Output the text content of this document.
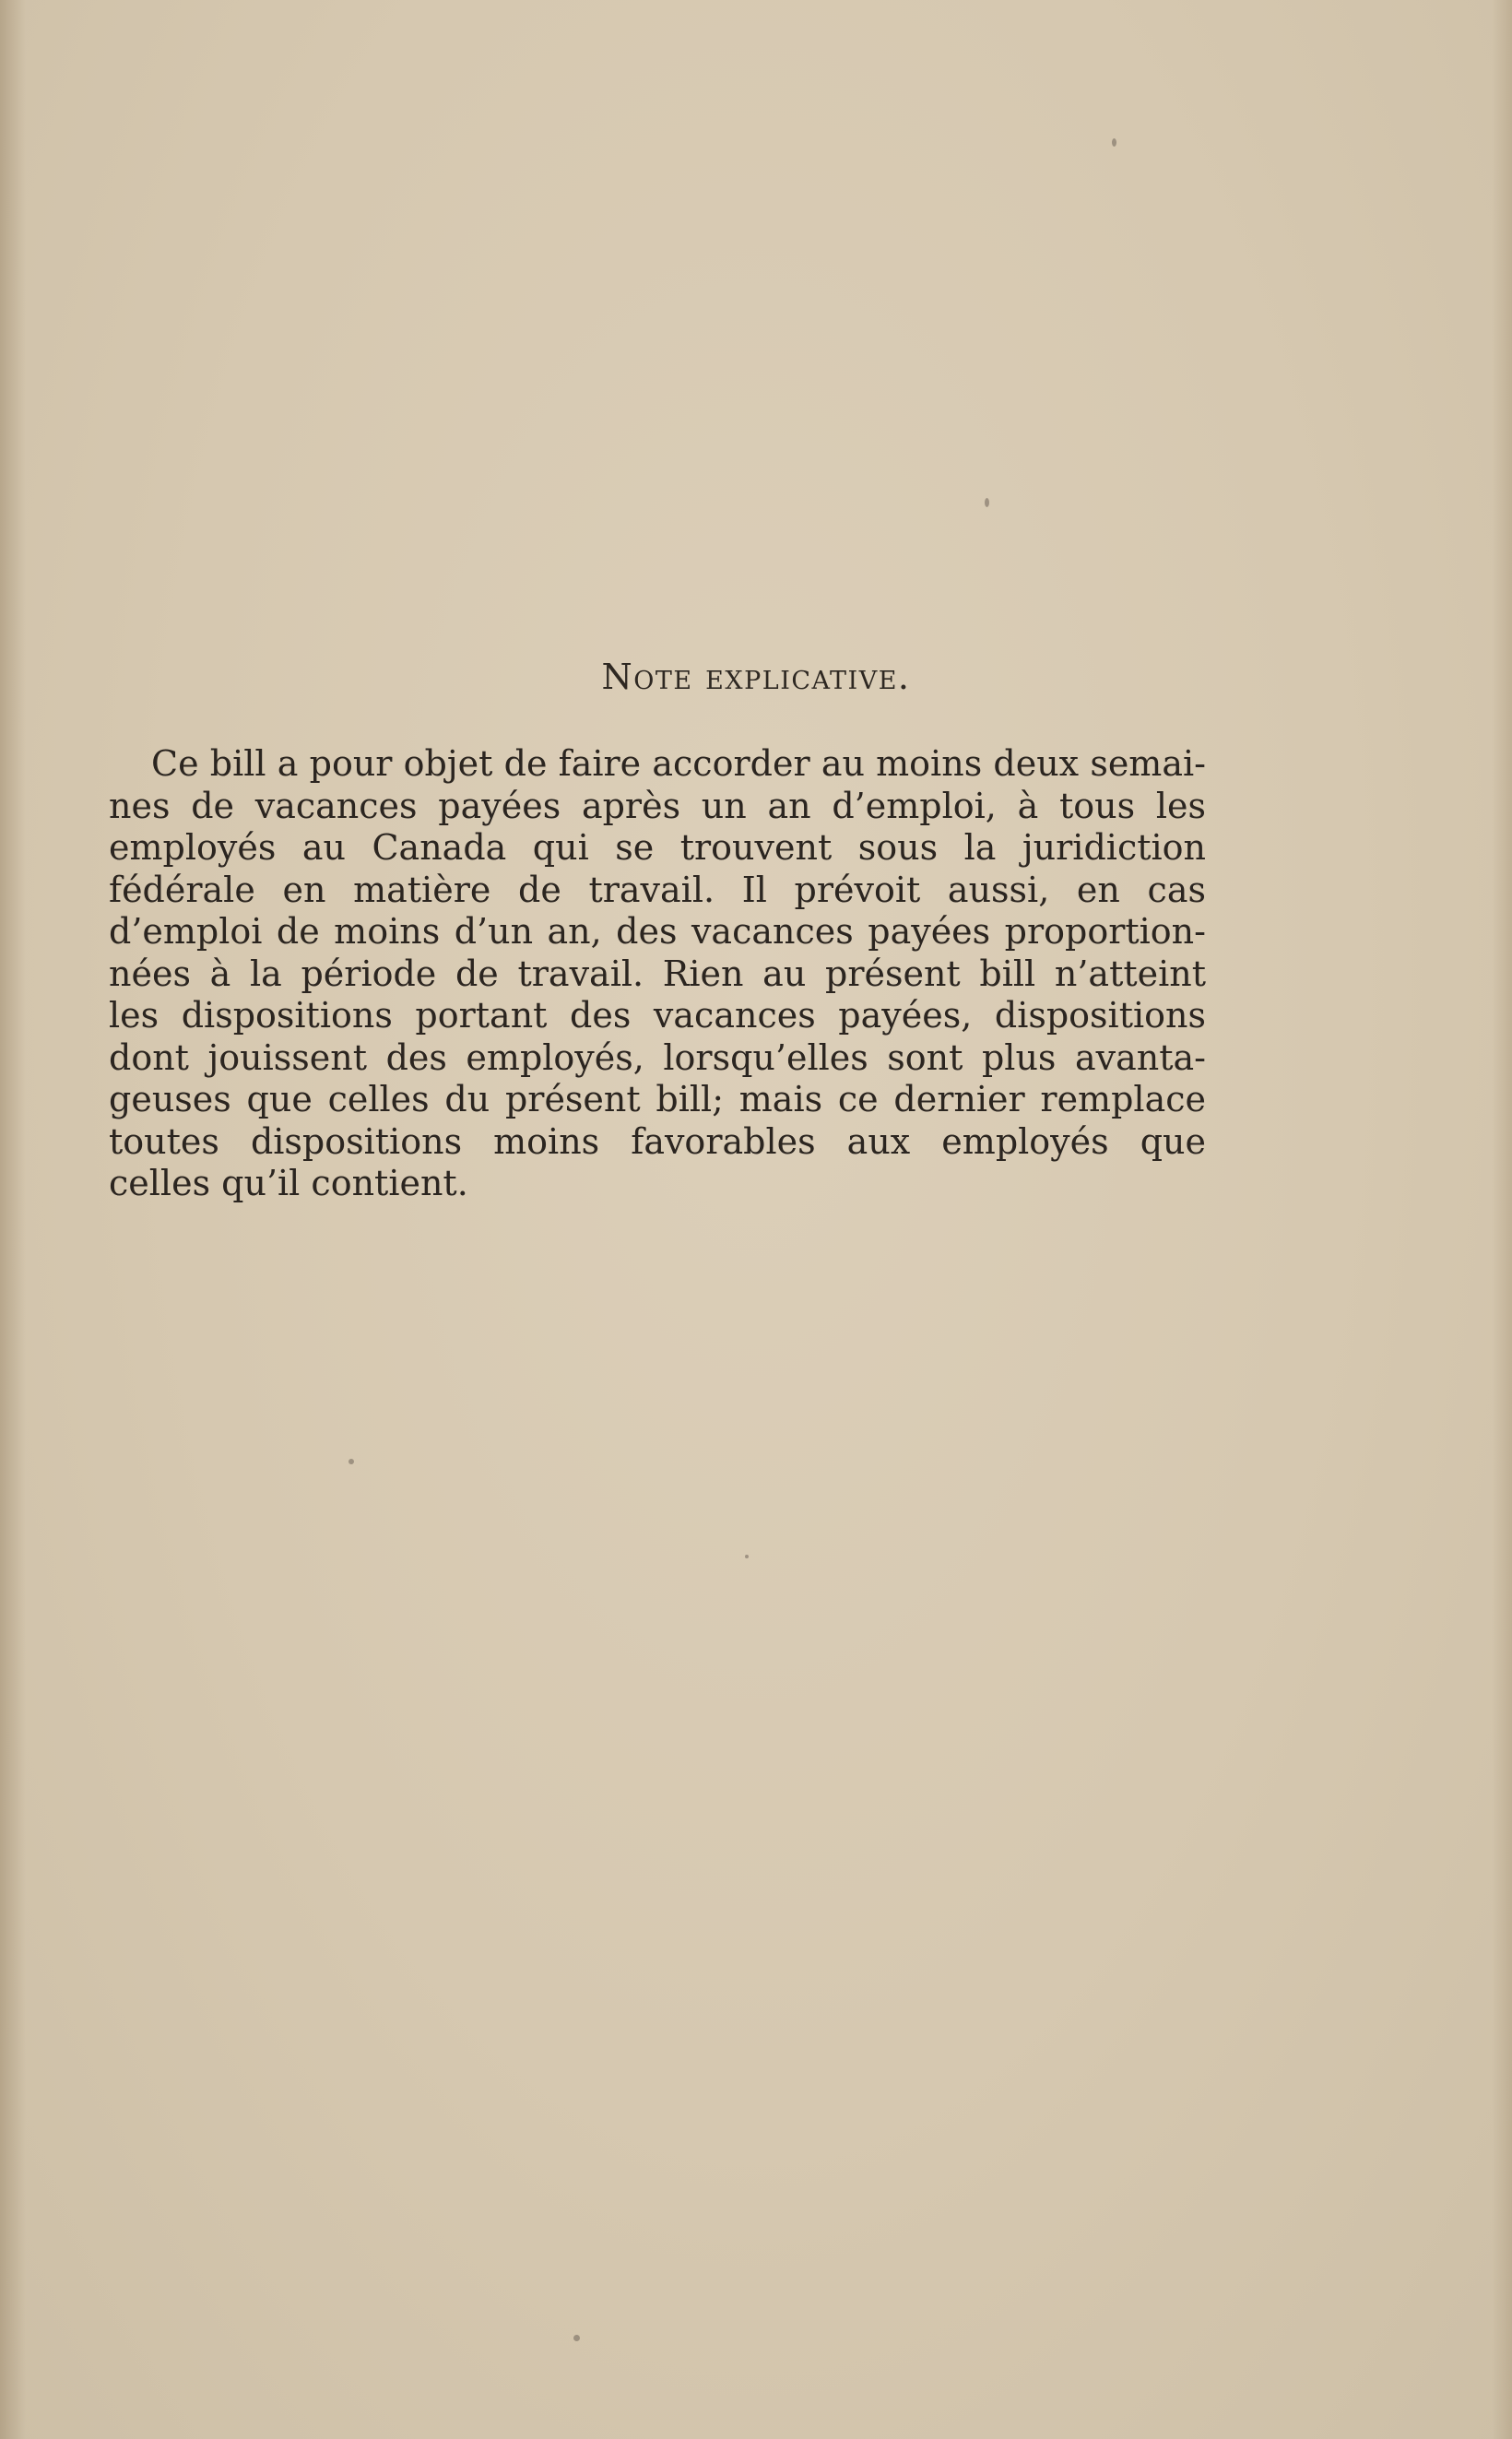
Note explicative.
Ce bill a pour objet de faire accorder au moins deux semai-
nes de vacances payées après un an d’emploi, à tous les
employés au Canada qui se trouvent sous la juridiction
fédérale en matière de travail. Il prévoit aussi, en cas
d’emploi de moins d’un an, des vacances payées proportion-
nées à la période de travail. Rien au présent bill n’atteint
les dispositions portant des vacances payées, dispositions
dont jouissent des employés, lorsqu’elles sont plus avanta-
geuses que celles du présent bill; mais ce dernier remplace
toutes dispositions moins favorables aux employés que
celles qu’il contient.
